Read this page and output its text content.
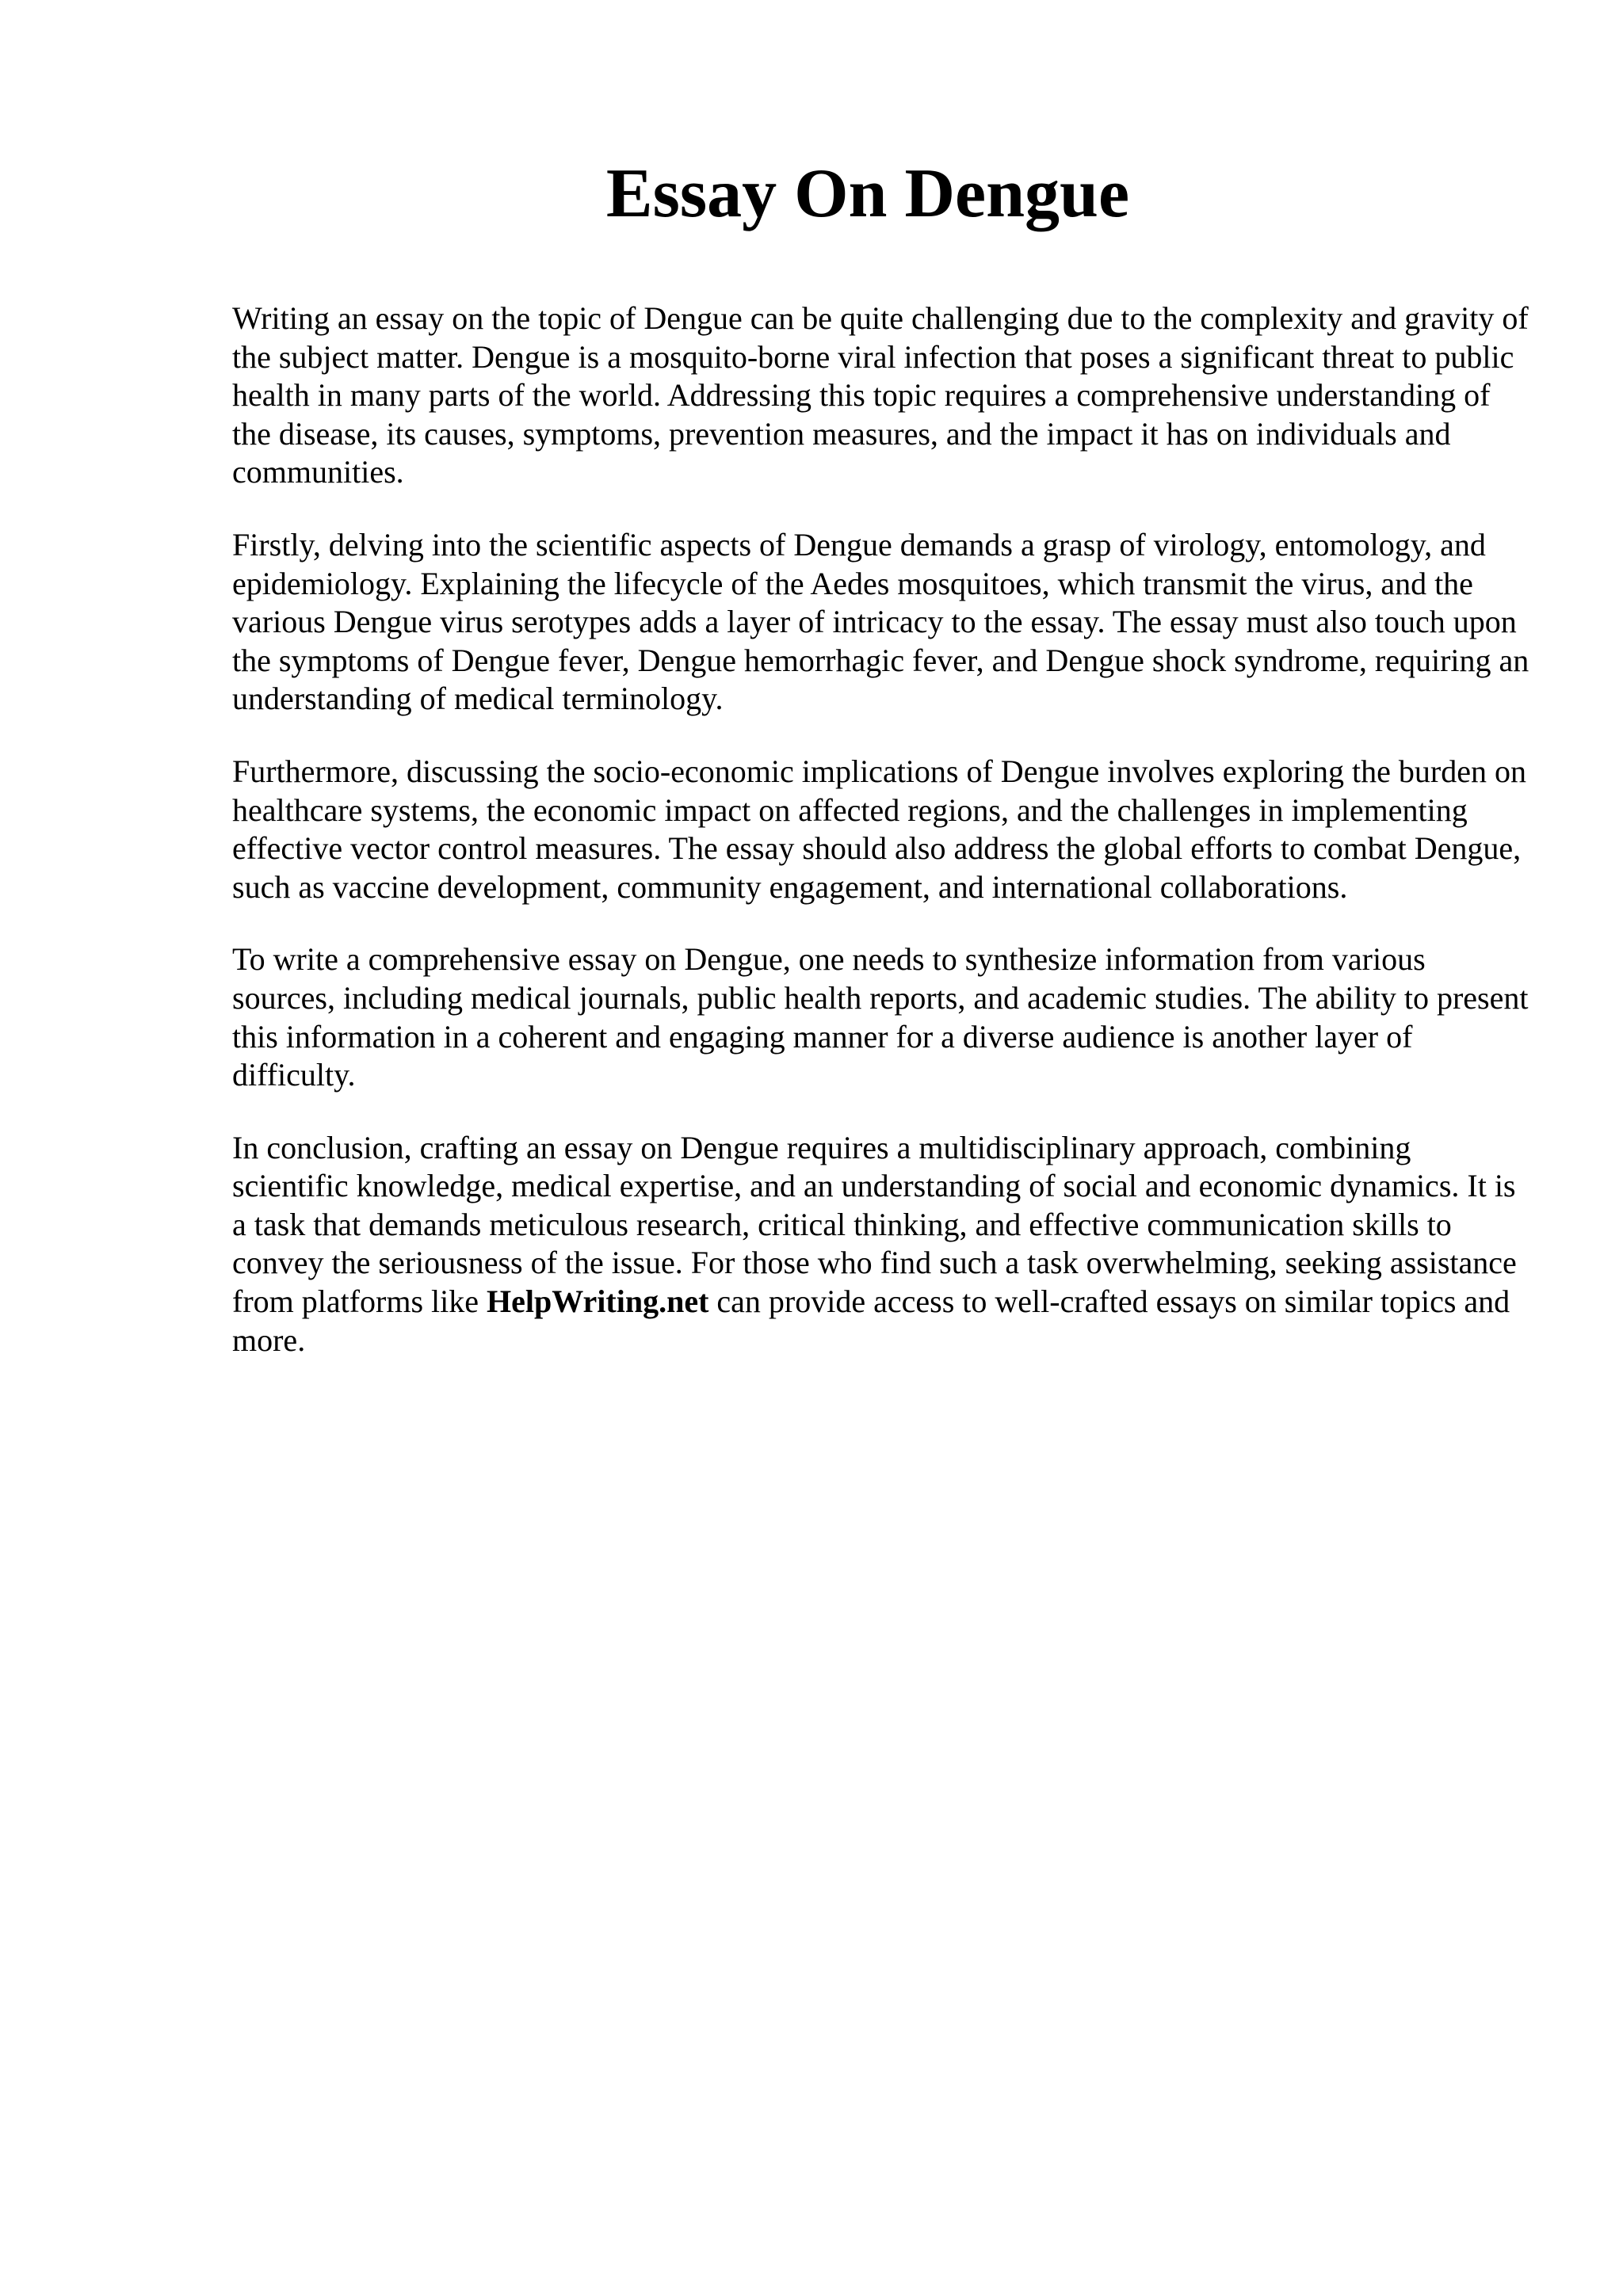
Essay On Dengue

Writing an essay on the topic of Dengue can be quite challenging due to the complexity and gravity of the subject matter. Dengue is a mosquito-borne viral infection that poses a significant threat to public health in many parts of the world. Addressing this topic requires a comprehensive understanding of the disease, its causes, symptoms, prevention measures, and the impact it has on individuals and communities.

Firstly, delving into the scientific aspects of Dengue demands a grasp of virology, entomology, and epidemiology. Explaining the lifecycle of the Aedes mosquitoes, which transmit the virus, and the various Dengue virus serotypes adds a layer of intricacy to the essay. The essay must also touch upon the symptoms of Dengue fever, Dengue hemorrhagic fever, and Dengue shock syndrome, requiring an understanding of medical terminology.

Furthermore, discussing the socio-economic implications of Dengue involves exploring the burden on healthcare systems, the economic impact on affected regions, and the challenges in implementing effective vector control measures. The essay should also address the global efforts to combat Dengue, such as vaccine development, community engagement, and international collaborations.

To write a comprehensive essay on Dengue, one needs to synthesize information from various sources, including medical journals, public health reports, and academic studies. The ability to present this information in a coherent and engaging manner for a diverse audience is another layer of difficulty.

In conclusion, crafting an essay on Dengue requires a multidisciplinary approach, combining scientific knowledge, medical expertise, and an understanding of social and economic dynamics. It is a task that demands meticulous research, critical thinking, and effective communication skills to convey the seriousness of the issue. For those who find such a task overwhelming, seeking assistance from platforms like HelpWriting.net can provide access to well-crafted essays on similar topics and more.
